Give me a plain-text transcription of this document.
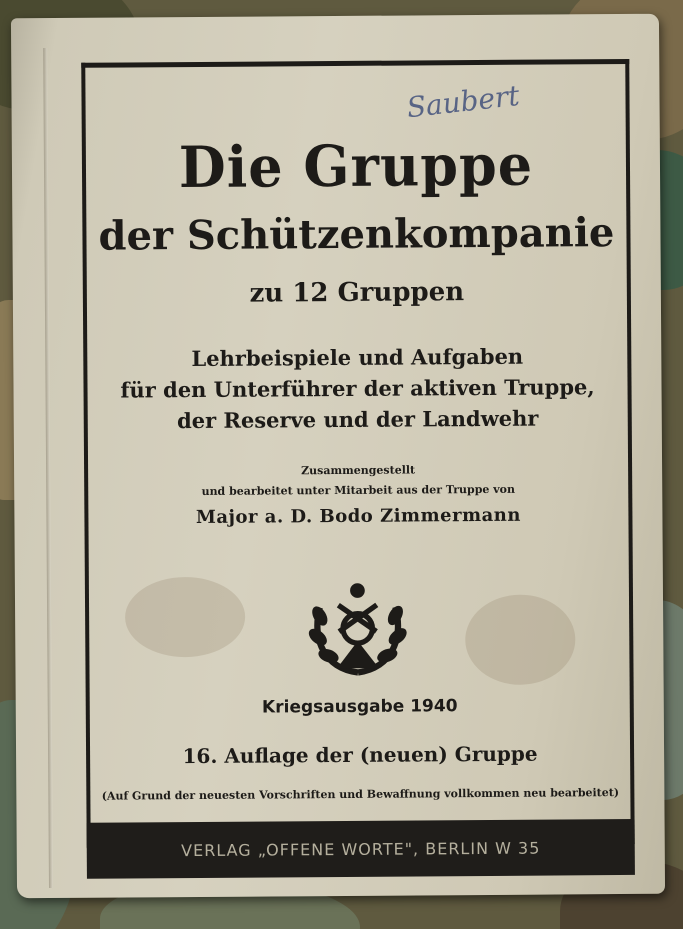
Saubert
Die Gruppe
der Schützenkompanie
zu 12 Gruppen
Lehrbeispiele und Aufgaben
für den Unterführer der aktiven Truppe,
der Reserve und der Landwehr
Zusammengestellt
und bearbeitet unter Mitarbeit aus der Truppe von
Major a. D. Bodo Zimmermann
Kriegsausgabe 1940
16. Auflage der (neuen) Gruppe
(Auf Grund der neuesten Vorschriften und Bewaffnung vollkommen neu bearbeitet)
VERLAG „OFFENE WORTE", BERLIN W 35
